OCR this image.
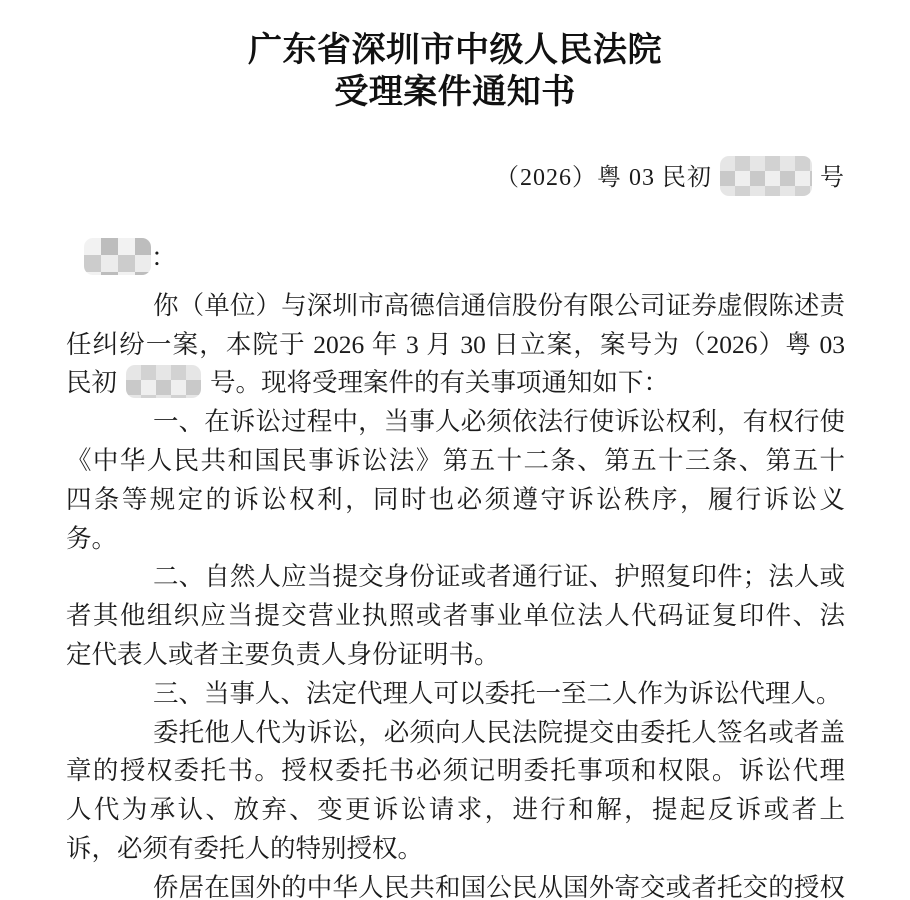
广东省深圳市中级人民法院
受理案件通知书
（2026）粤 03 民初	号
：
你（单位）与深圳市高德信通信股份有限公司证券虚假陈述责
任纠纷一案，本院于 2026 年 3 月 30 日立案，案号为（2026）粤 03
民初	号。现将受理案件的有关事项通知如下：
一、在诉讼过程中，当事人必须依法行使诉讼权利，有权行使
《中华人民共和国民事诉讼法》第五十二条、第五十三条、第五十
四条等规定的诉讼权利，同时也必须遵守诉讼秩序，履行诉讼义
务。
二、自然人应当提交身份证或者通行证、护照复印件；法人或
者其他组织应当提交营业执照或者事业单位法人代码证复印件、法
定代表人或者主要负责人身份证明书。
三、当事人、法定代理人可以委托一至二人作为诉讼代理人。
委托他人代为诉讼，必须向人民法院提交由委托人签名或者盖
章的授权委托书。授权委托书必须记明委托事项和权限。诉讼代理
人代为承认、放弃、变更诉讼请求，进行和解，提起反诉或者上
诉，必须有委托人的特别授权。
侨居在国外的中华人民共和国公民从国外寄交或者托交的授权
